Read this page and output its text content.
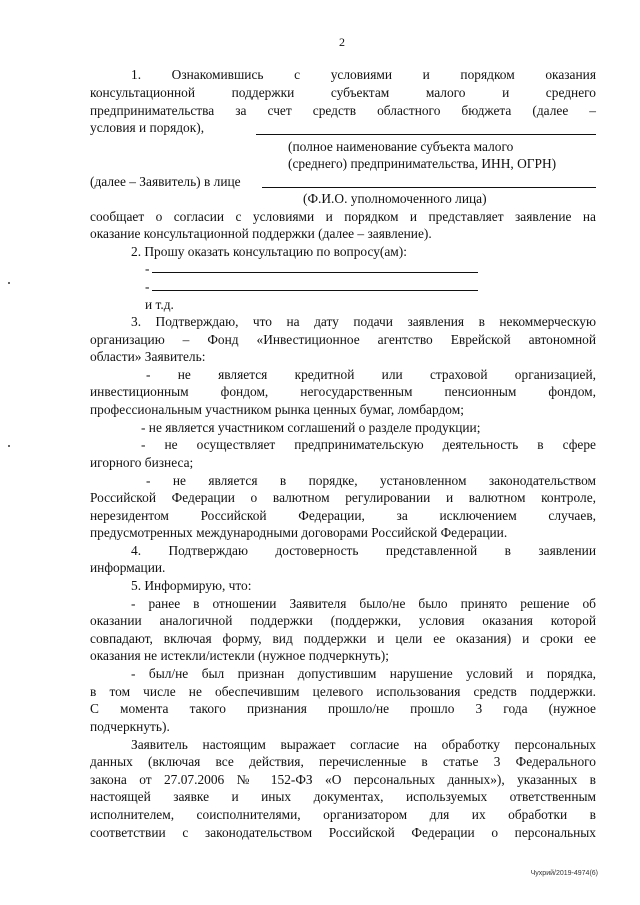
2
1. Ознакомившись с условиями и порядком оказания
консультационной поддержки субъектам малого и среднего
предпринимательства за счет средств областного бюджета (далее –
условия и порядок),
(полное наименование субъекта малого
(среднего) предпринимательства, ИНН, ОГРН)
(далее – Заявитель) в лице
(Ф.И.О. уполномоченного лица)
сообщает о согласии с условиями и порядком и представляет заявление на
оказание консультационной поддержки (далее – заявление).
2. Прошу оказать консультацию по вопросу(ам):
-
-
и т.д.
3. Подтверждаю, что на дату подачи заявления в некоммерческую
организацию – Фонд «Инвестиционное агентство Еврейской автономной
области» Заявитель:
- не является кредитной или страховой организацией,
инвестиционным фондом, негосударственным пенсионным фондом,
профессиональным участником рынка ценных бумаг, ломбардом;
- не является участником соглашений о разделе продукции;
- не осуществляет предпринимательскую деятельность в сфере
игорного бизнеса;
- не является в порядке, установленном законодательством
Российской Федерации о валютном регулировании и валютном контроле,
нерезидентом Российской Федерации, за исключением случаев,
предусмотренных международными договорами Российской Федерации.
4. Подтверждаю достоверность представленной в заявлении
информации.
5. Информирую, что:
- ранее в отношении Заявителя было/не было принято решение об
оказании аналогичной поддержки (поддержки, условия оказания которой
совпадают, включая форму, вид поддержки и цели ее оказания) и сроки ее
оказания не истекли/истекли (нужное подчеркнуть);
- был/не был признан допустившим нарушение условий и порядка,
в том числе не обеспечившим целевого использования средств поддержки.
С момента такого признания прошло/не прошло 3 года (нужное
подчеркнуть).
Заявитель настоящим выражает согласие на обработку персональных
данных (включая все действия, перечисленные в статье 3 Федерального
закона от 27.07.2006 № 152-ФЗ «О персональных данных»), указанных в
настоящей заявке и иных документах, используемых ответственным
исполнителем, соисполнителями, организатором для их обработки в
соответствии с законодательством Российской Федерации о персональных
Чухрий/2019-4974(6)
